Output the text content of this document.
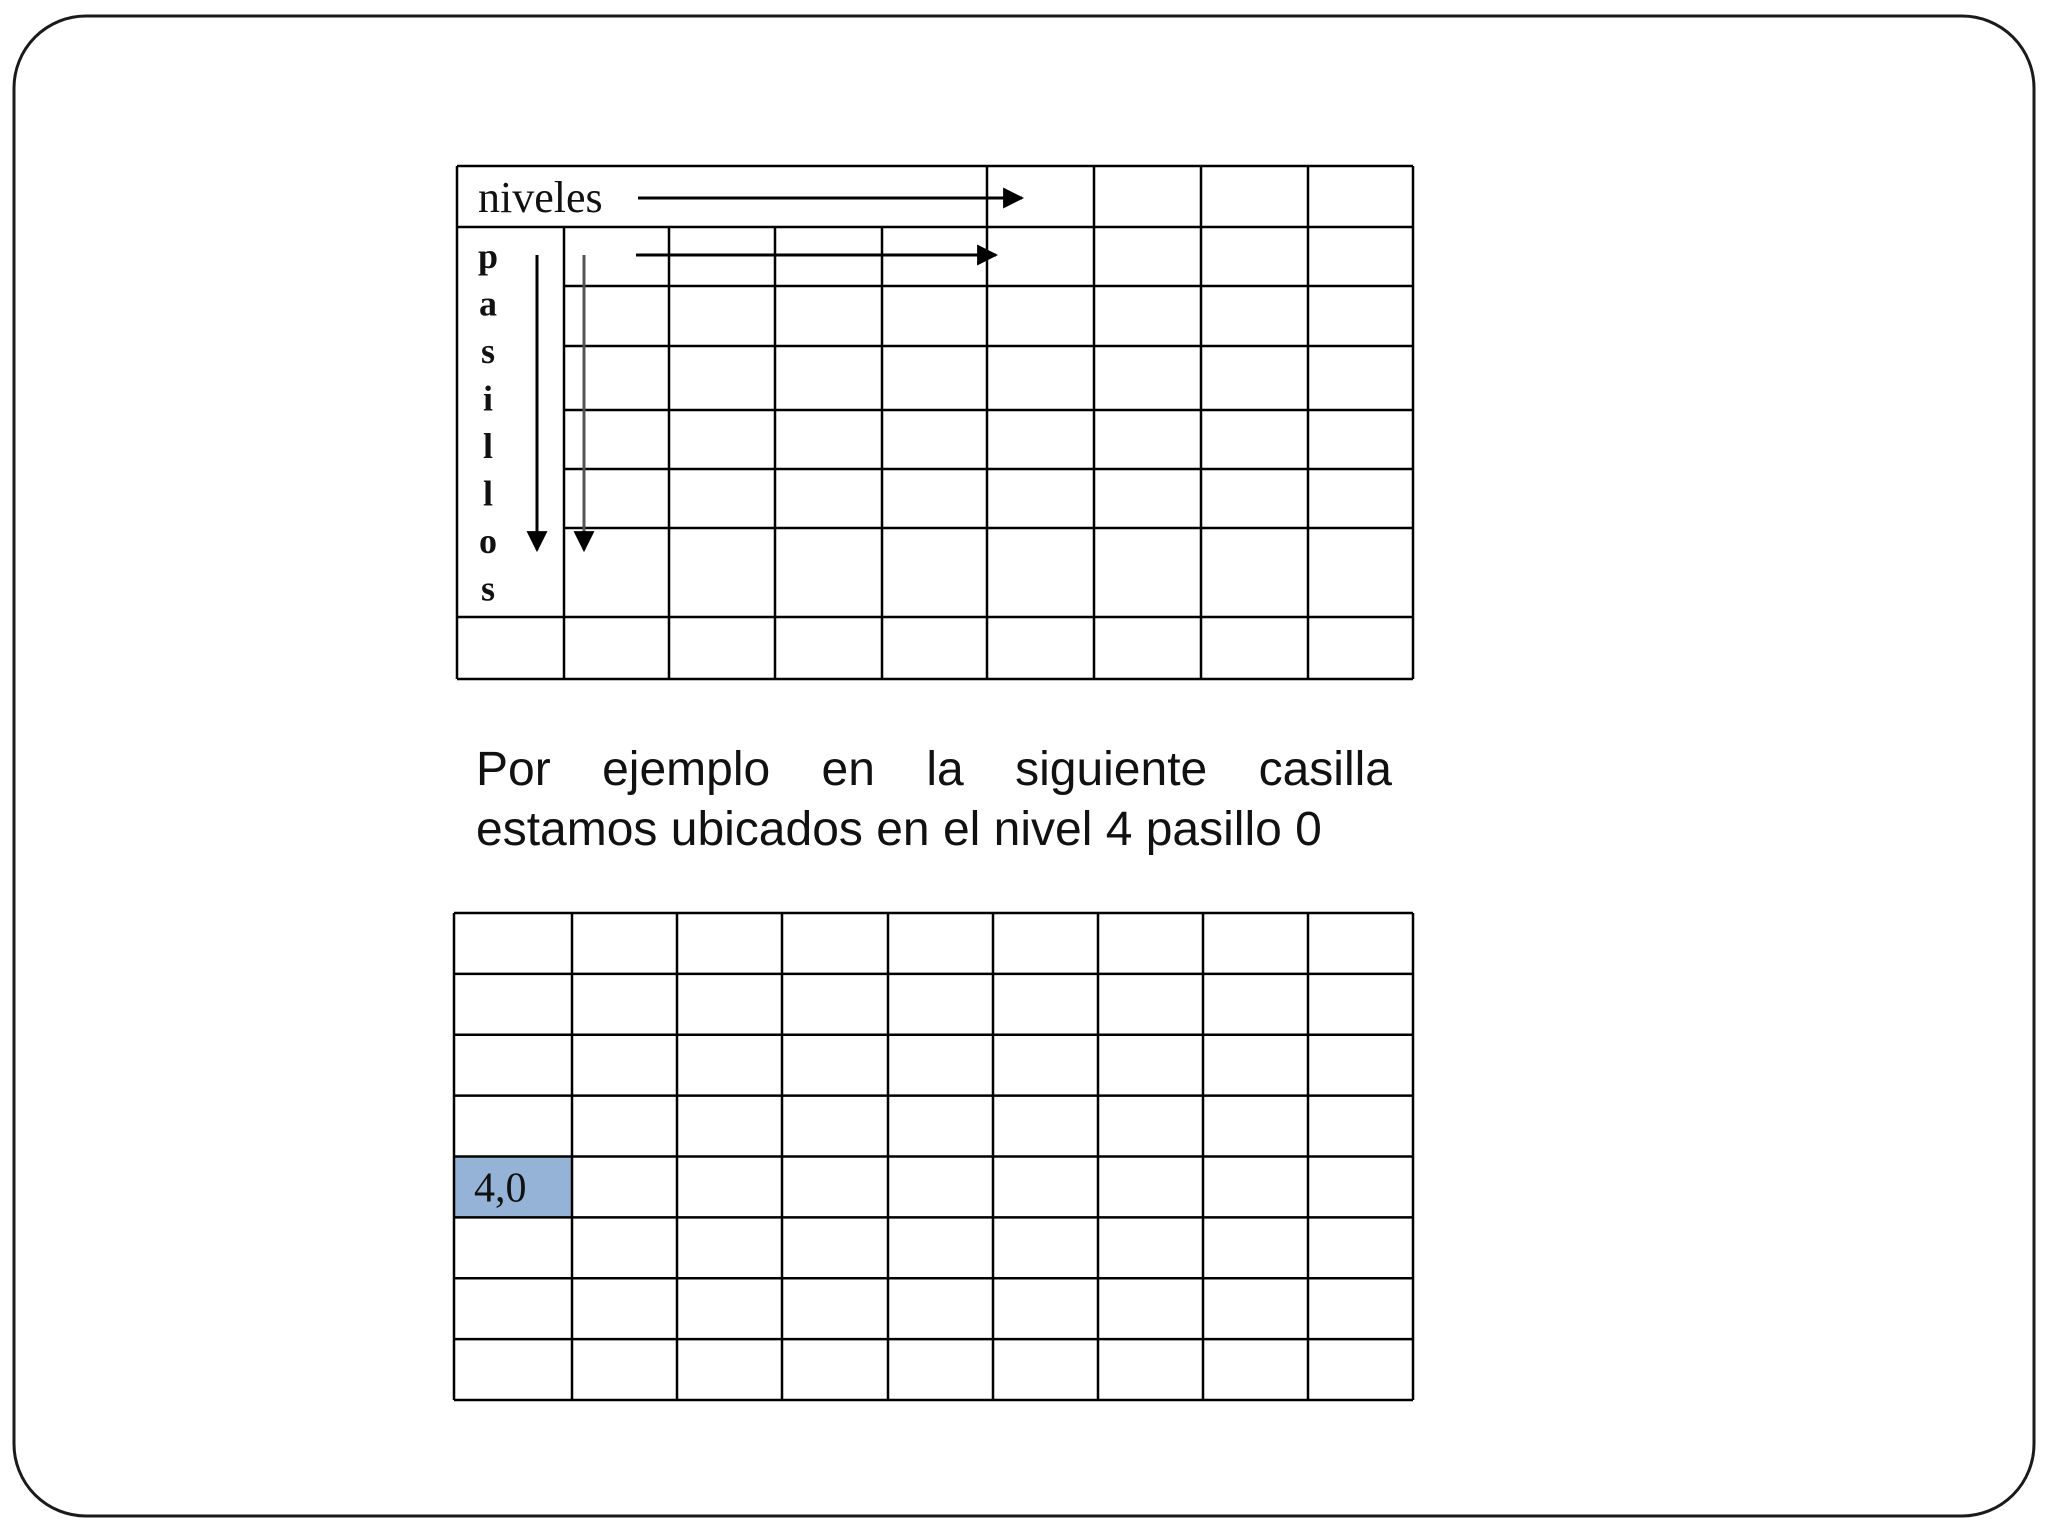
niveles
p
a
s
i
l
l
o
s
4,0
Por ejemplo en la siguiente casilla
estamos ubicados en el nivel 4 pasillo 0
